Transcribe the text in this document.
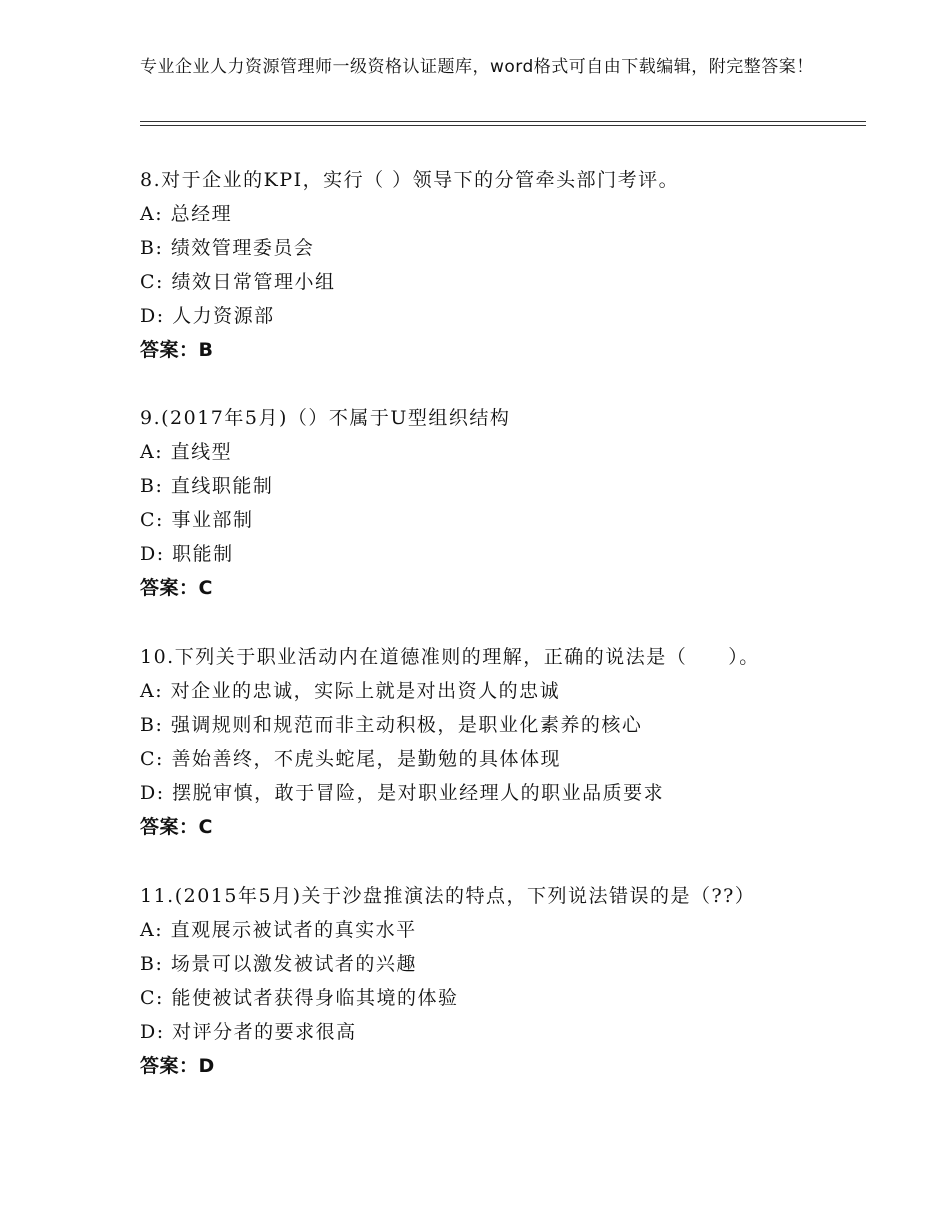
专业企业人力资源管理师一级资格认证题库，word格式可自由下载编辑，附完整答案！
8.对于企业的KPI，实行（ ）领导下的分管牵头部门考评。
A: 总经理
B: 绩效管理委员会
C: 绩效日常管理小组
D: 人力资源部
答案：B
9.(2017年5月)（）不属于U型组织结构
A: 直线型
B: 直线职能制
C: 事业部制
D: 职能制
答案：C
10.下列关于职业活动内在道德准则的理解，正确的说法是（　　）。
A: 对企业的忠诚，实际上就是对出资人的忠诚
B: 强调规则和规范而非主动积极，是职业化素养的核心
C: 善始善终，不虎头蛇尾，是勤勉的具体体现
D: 摆脱审慎，敢于冒险，是对职业经理人的职业品质要求
答案：C
11.(2015年5月)关于沙盘推演法的特点，下列说法错误的是（??）
A: 直观展示被试者的真实水平
B: 场景可以激发被试者的兴趣
C: 能使被试者获得身临其境的体验
D: 对评分者的要求很高
答案：D
